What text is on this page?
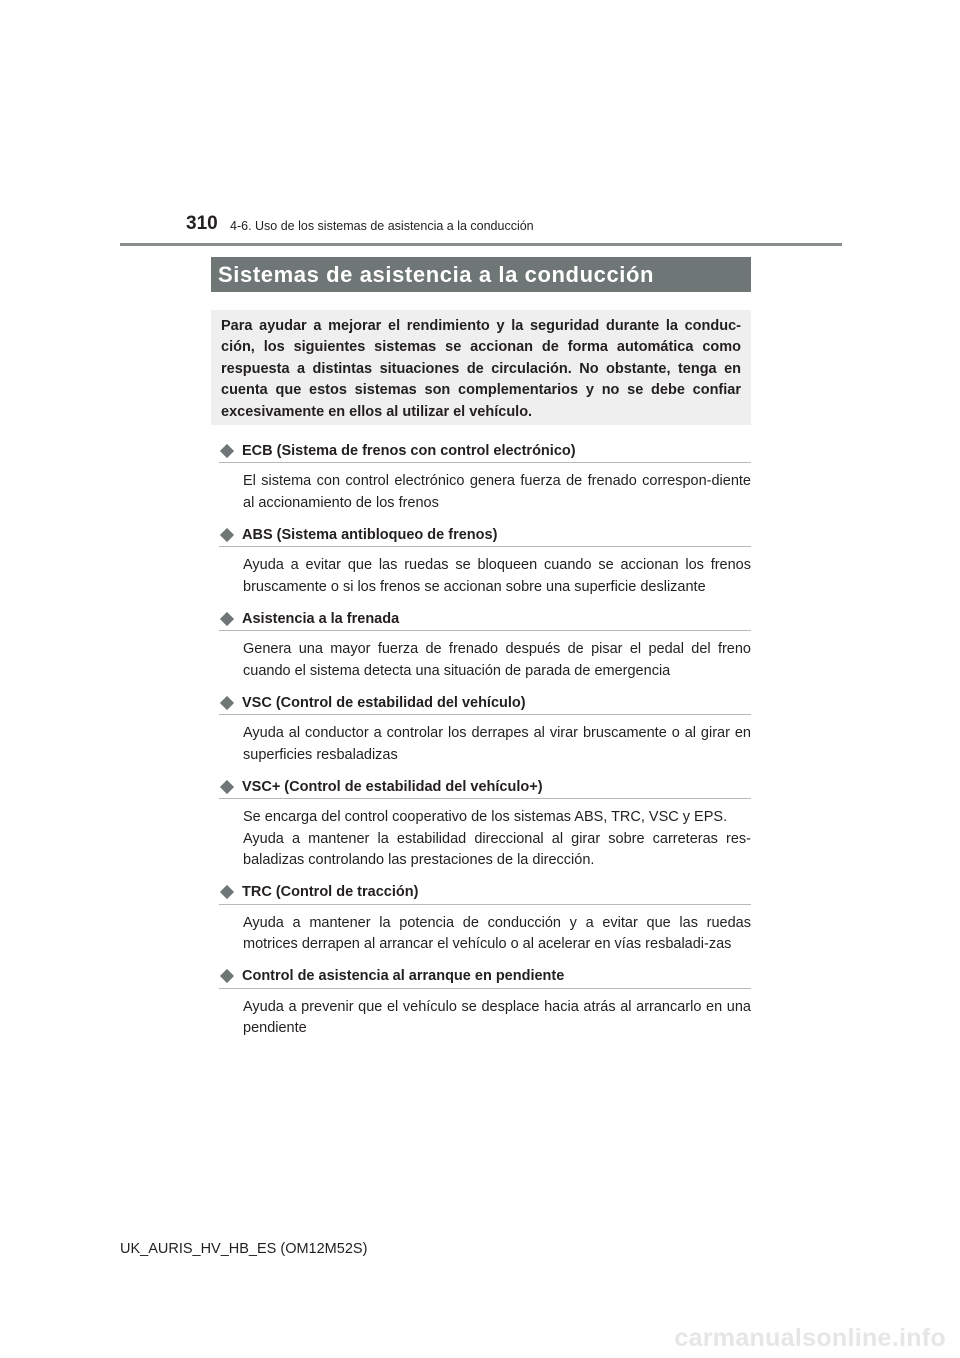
310 4-6. Uso de los sistemas de asistencia a la conducción
Sistemas de asistencia a la conducción
Para ayudar a mejorar el rendimiento y la seguridad durante la conduc-ción, los siguientes sistemas se accionan de forma automática como respuesta a distintas situaciones de circulación. No obstante, tenga en cuenta que estos sistemas son complementarios y no se debe confiar excesivamente en ellos al utilizar el vehículo.
ECB (Sistema de frenos con control electrónico)
El sistema con control electrónico genera fuerza de frenado correspon-diente al accionamiento de los frenos
ABS (Sistema antibloqueo de frenos)
Ayuda a evitar que las ruedas se bloqueen cuando se accionan los frenos bruscamente o si los frenos se accionan sobre una superficie deslizante
Asistencia a la frenada
Genera una mayor fuerza de frenado después de pisar el pedal del freno cuando el sistema detecta una situación de parada de emergencia
VSC (Control de estabilidad del vehículo)
Ayuda al conductor a controlar los derrapes al virar bruscamente o al girar en superficies resbaladizas
VSC+ (Control de estabilidad del vehículo+)
Se encarga del control cooperativo de los sistemas ABS, TRC, VSC y EPS.
Ayuda a mantener la estabilidad direccional al girar sobre carreteras res-baladizas controlando las prestaciones de la dirección.
TRC (Control de tracción)
Ayuda a mantener la potencia de conducción y a evitar que las ruedas motrices derrapen al arrancar el vehículo o al acelerar en vías resbaladi-zas
Control de asistencia al arranque en pendiente
Ayuda a prevenir que el vehículo se desplace hacia atrás al arrancarlo en una pendiente
UK_AURIS_HV_HB_ES (OM12M52S)
carmanualsonline.info
